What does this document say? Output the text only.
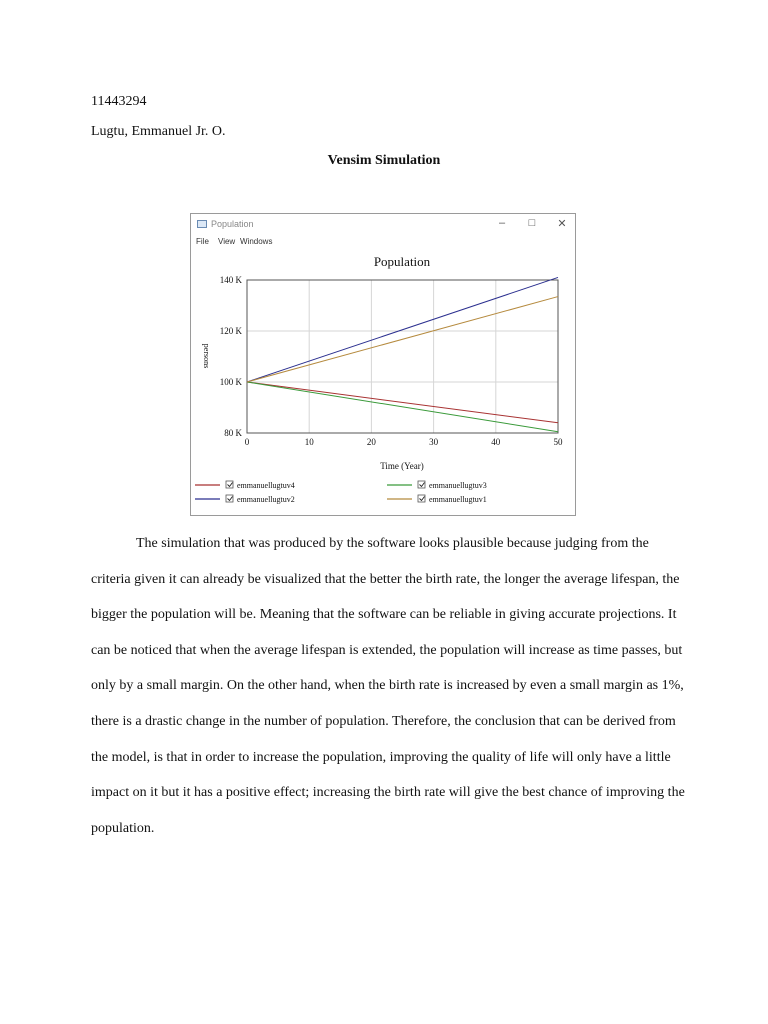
11443294
Lugtu, Emmanuel Jr. O.
Vensim Simulation
Population	–	□	✕
File View Windows
Population
0	10	20	30	40	50
80 K
100 K
120 K
140 K
Time (Year)
persons
emmanuellugtuv4
emmanuellugtuv2
emmanuellugtuv3
emmanuellugtuv1

The simulation that was produced by the software looks plausible because judging from the criteria given it can already be visualized that the better the birth rate, the longer the average lifespan, the bigger the population will be. Meaning that the software can be reliable in giving accurate projections. It can be noticed that when the average lifespan is extended, the population will increase as time passes, but only by a small margin. On the other hand, when the birth rate is increased by even a small margin as 1%, there is a drastic change in the number of population. Therefore, the conclusion that can be derived from the model, is that in order to increase the population, improving the quality of life will only have a little impact on it but it has a positive effect; increasing the birth rate will give the best chance of improving the population.
